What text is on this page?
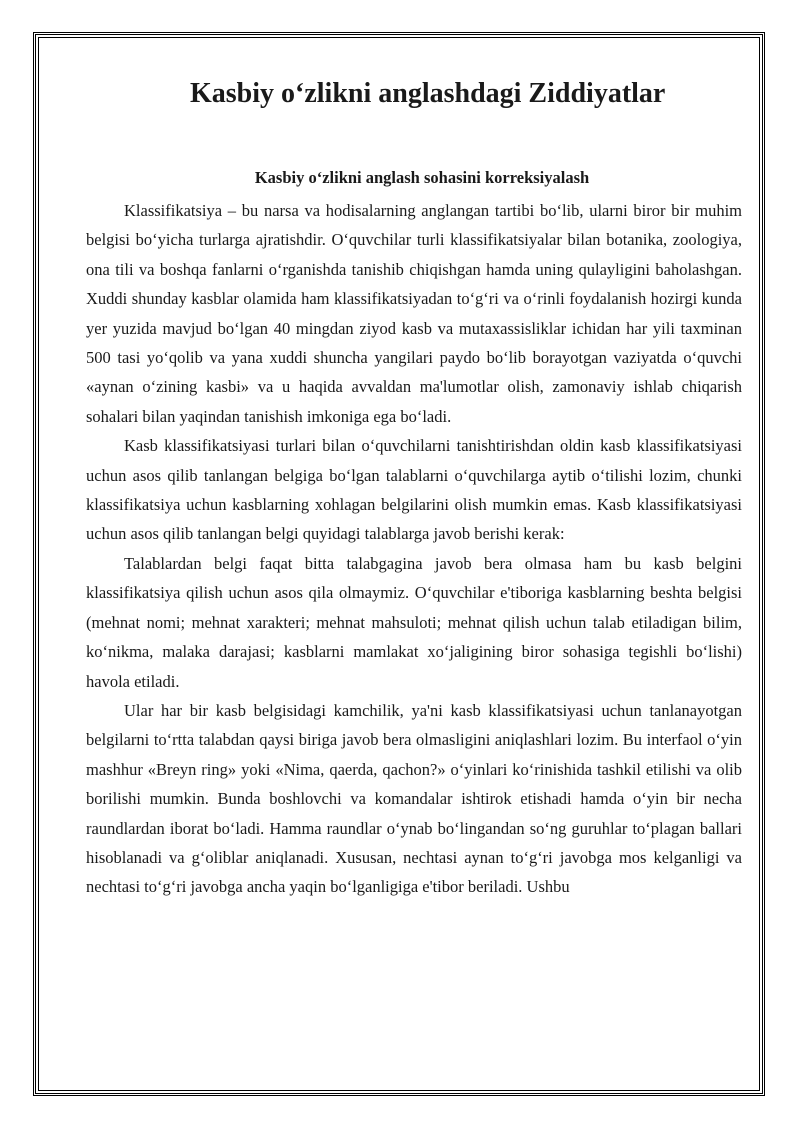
Kasbiy o‘zlikni anglashdagi Ziddiyatlar
Kasbiy o‘zlikni anglash sohasini korreksiyalash

Klassifikatsiya – bu narsa va hodisalarning anglangan tartibi bo‘lib, ularni biror bir muhim belgisi bo‘yicha turlarga ajratishdir. O‘quvchilar turli klassifikatsiyalar bilan botanika, zoologiya, ona tili va boshqa fanlarni o‘rganishda tanishib chiqishgan hamda uning qulayligini baholashgan. Xuddi shunday kasblar olamida ham klassifikatsiyadan to‘g‘ri va o‘rinli foydalanish hozirgi kunda yer yuzida mavjud bo‘lgan 40 mingdan ziyod kasb va mutaxassisliklar ichidan har yili taxminan 500 tasi yo‘qolib va yana xuddi shuncha yangilari paydo bo‘lib borayotgan vaziyatda o‘quvchi «aynan o‘zining kasbi» va u haqida avvaldan ma'lumotlar olish, zamonaviy ishlab chiqarish sohalari bilan yaqindan tanishish imkoniga ega bo‘ladi.

Kasb klassifikatsiyasi turlari bilan o‘quvchilarni tanishtirishdan oldin kasb klassifikatsiyasi uchun asos qilib tanlangan belgiga bo‘lgan talablarni o‘quvchilarga aytib o‘tilishi lozim, chunki klassifikatsiya uchun kasblarning xohlagan belgilarini olish mumkin emas. Kasb klassifikatsiyasi uchun asos qilib tanlangan belgi quyidagi talablarga javob berishi kerak:

Talablardan belgi faqat bitta talabgagina javob bera olmasa ham bu kasb belgini klassifikatsiya qilish uchun asos qila olmaymiz. O‘quvchilar e'tiboriga kasblarning beshta belgisi (mehnat nomi; mehnat xarakteri; mehnat mahsuloti; mehnat qilish uchun talab etiladigan bilim, ko‘nikma, malaka darajasi; kasblarni mamlakat xo‘jaligining biror sohasiga tegishli bo‘lishi) havola etiladi.

Ular har bir kasb belgisidagi kamchilik, ya'ni kasb klassifikatsiyasi uchun tanlanayotgan belgilarni to‘rtta talabdan qaysi biriga javob bera olmasligini aniqlashlari lozim. Bu interfaol o‘yin mashhur «Breyn ring» yoki «Nima, qaerda, qachon?» o‘yinlari ko‘rinishida tashkil etilishi va olib borilishi mumkin. Bunda boshlovchi va komandalar ishtirok etishadi hamda o‘yin bir necha raundlardan iborat bo‘ladi. Hamma raundlar o‘ynab bo‘lingandan so‘ng guruhlar to‘plagan ballari hisoblanadi va g‘oliblar aniqlanadi. Xususan, nechtasi aynan to‘g‘ri javobga mos kelganligi va nechtasi to‘g‘ri javobga ancha yaqin bo‘lganligiga e'tibor beriladi. Ushbu
